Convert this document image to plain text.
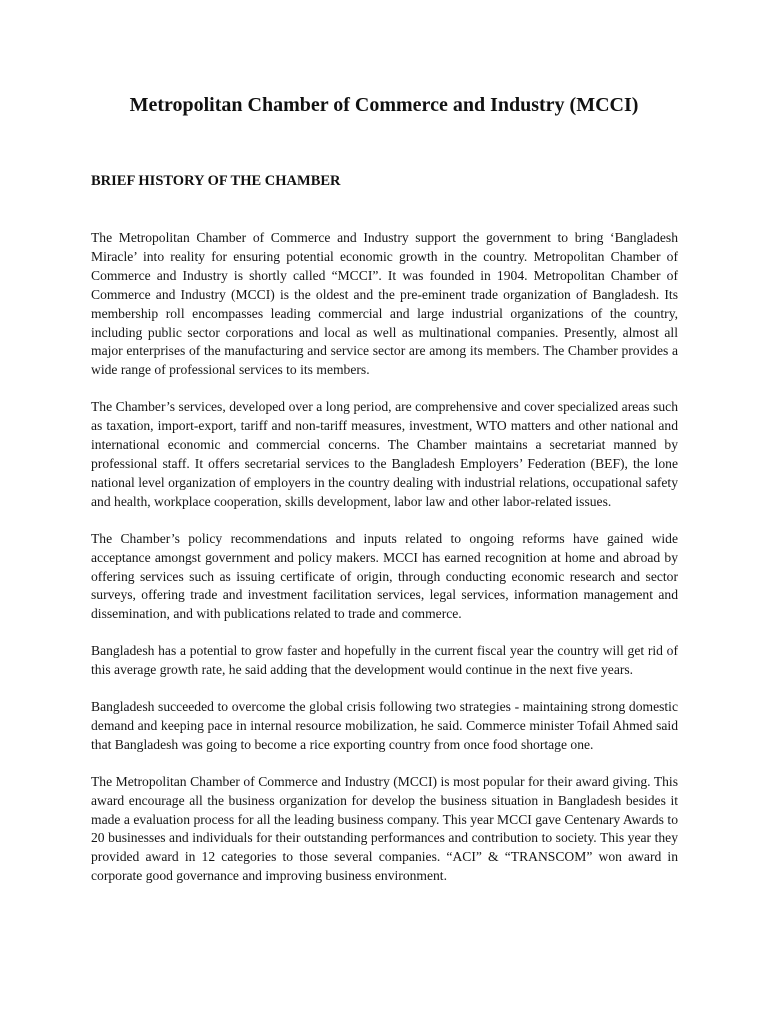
Metropolitan Chamber of Commerce and Industry (MCCI)
BRIEF HISTORY OF THE CHAMBER

The Metropolitan Chamber of Commerce and Industry support the government to bring ‘Bangladesh Miracle’ into reality for ensuring potential economic growth in the country. Metropolitan Chamber of Commerce and Industry is shortly called “MCCI”. It was founded in 1904. Metropolitan Chamber of Commerce and Industry (MCCI) is the oldest and the pre-eminent trade organization of Bangladesh. Its membership roll encompasses leading commercial and large industrial organizations of the country, including public sector corporations and local as well as multinational companies. Presently, almost all major enterprises of the manufacturing and service sector are among its members. The Chamber provides a wide range of professional services to its members.

The Chamber’s services, developed over a long period, are comprehensive and cover specialized areas such as taxation, import-export, tariff and non-tariff measures, investment, WTO matters and other national and international economic and commercial concerns. The Chamber maintains a secretariat manned by professional staff. It offers secretarial services to the Bangladesh Employers’ Federation (BEF), the lone national level organization of employers in the country dealing with industrial relations, occupational safety and health, workplace cooperation, skills development, labor law and other labor-related issues.

The Chamber’s policy recommendations and inputs related to ongoing reforms have gained wide acceptance amongst government and policy makers. MCCI has earned recognition at home and abroad by offering services such as issuing certificate of origin, through conducting economic research and sector surveys, offering trade and investment facilitation services, legal services, information management and dissemination, and with publications related to trade and commerce.

Bangladesh has a potential to grow faster and hopefully in the current fiscal year the country will get rid of this average growth rate, he said adding that the development would continue in the next five years.

Bangladesh succeeded to overcome the global crisis following two strategies - maintaining strong domestic demand and keeping pace in internal resource mobilization, he said. Commerce minister Tofail Ahmed said that Bangladesh was going to become a rice exporting country from once food shortage one.

The Metropolitan Chamber of Commerce and Industry (MCCI) is most popular for their award giving. This award encourage all the business organization for develop the business situation in Bangladesh besides it made a evaluation process for all the leading business company. This year MCCI gave Centenary Awards to 20 businesses and individuals for their outstanding performances and contribution to society. This year they provided award in 12 categories to those several companies. “ACI” & “TRANSCOM” won award in corporate good governance and improving business environment.
